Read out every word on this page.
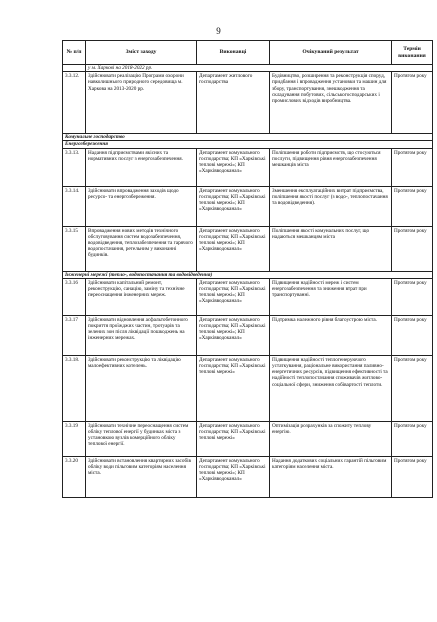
9
№ п/п	Зміст заходу	Виконавці	Очікуваний результат	Термін виконання
	у м. Харкові на 2018-2022 рр.			
3.3.12.	Здійснювати реалізацію Програми охорони навколишнього природного середовища м. Харкова на 2013-2020 рр.	Департамент житлового господарства	Будівництво, розширення та реконструкція споруд, придбання і впровадження установки та машин для збору, транспортування, знешкодження та складування побутових, сільськогосподарських і промислових відходів виробництва.	Протягом року
Комунальне господарство				
Енергозбереження				
3.3.13.	Надання підприємствами якісних та нормативних послуг з енергозабезпечення.	Департамент комунального господарства; КП «Харківські теплові мережі»; КП «Харківводоканал»	Поліпшення роботи підприємств, що стосуються послуги, підвищення рівня енергозабезпечення мешканців міста	Протягом року
3.3.14.	Здійснювати впровадження заходів щодо ресурсо- та енергозбереження.	Департамент комунального господарства; КП «Харківські теплові мережі»; КП «Харківводоканал»	Зменшення експлуатаційних витрат підприємства, поліпшення якості послуг (з водо-, теплопостачання та водовідведення).	Протягом року
3.3.15	Впровадження нових методів технічного обслуговування систем водозабезпечення, водовідведення, теплозабезпечення та гарячого водопостачання, ретельним у виконанні будинків.	Департамент комунального господарства; КП «Харківські теплові мережі»; КП «Харківводоканал»	Поліпшення якості комунальних послуг, що надаються мешканцям міста	Протягом року
Інженерні мережі (тепло-, водопостачання та водовідведення)				
3.3.16	Здійснювати капітальний ремонт, реконструкцію, санацію, заміну та технічне переоснащення інженерних мереж.	Департамент комунального господарства; КП «Харківські теплові мережі»; КП «Харківводоканал»	Підвищення надійності мереж і систем енергозабезпечення та зниження втрат при транспортуванні.	Протягом року
3.3.17	Здійснювати відновлення асфальтобетонного покриття проїжджих частин, тротуарів та зелених зон після ліквідації пошкоджень на інженерних мережах.	Департамент комунального господарства; КП «Харківські теплові мережі»; КП «Харківводоканал»	Підтримка належного рівня благоустрою міста.	Протягом року
3.3.18.	Здійснювати реконструкцію та ліквідацію малоефективних котелень.	Департамент комунального господарства; КП «Харківські теплові мережі»	Підвищення надійності теплогенеруючого устаткування, раціональне використання паливно-енергетичних ресурсів, підвищення ефективності та надійності теплопостачання споживачів житлово-соціальної сфери, зниження собівартості теплоти.	Протягом року
3.3.19	Здійснювати технічне переоснащення систем обліку теплової енергії у будинках міста з установкою вузлів комерційного обліку теплової енергії.	Департамент комунального господарства; КП «Харківські теплові мережі»	Оптимізація розрахунків за спожиту теплову енергію.	Протягом року
3.3.20	Здійснювати встановлення квартирних засобів обліку води пільговим категоріям населення міста.	Департамент комунального господарства; КП «Харківські теплові мережі»; КП «Харківводоканал»	Надання додаткових соціальних гарантій пільговим категоріям населення міста.	Протягом року
